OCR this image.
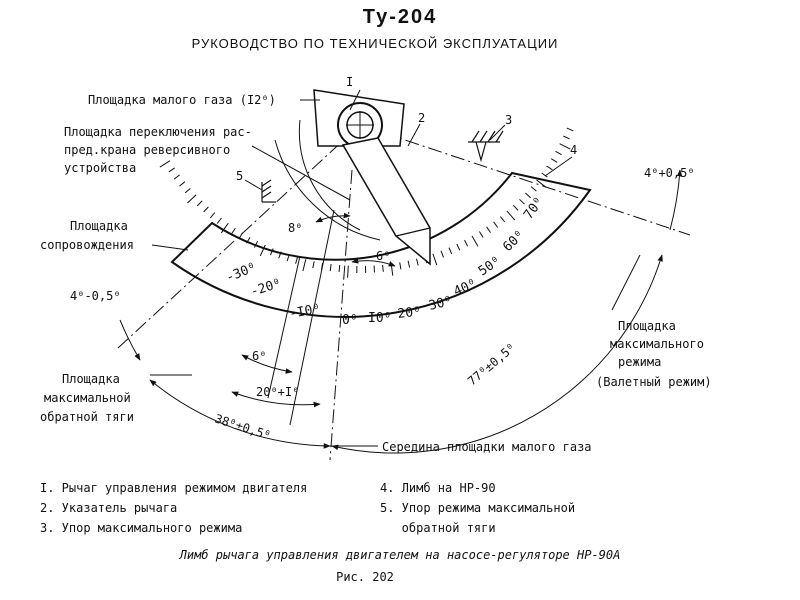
Ту-204
РУКОВОДСТВО ПО ТЕХНИЧЕСКОЙ ЭКСПЛУАТАЦИИ
I
2	3
4
5
Площадка малого газа (I2⁰)
Площадка переключения рас-
пред.крана реверсивного
устройства
Площадка
сопровождения
Площадка
максимальной
обратной тяги
Площадка
максимального
режима
(Валетный режим)
Середина площадки малого газа
4⁰+0,5⁰
4⁰-0,5⁰
8⁰
6⁰
6⁰
20⁰+I⁰
38⁰±0,5⁰
77⁰±0,5⁰
-30⁰
-20⁰
-I0⁰ 0⁰ I0⁰ 20⁰ 30⁰
40⁰
50⁰
60⁰
70⁰
I. Рычаг управления режимом двигателя
2. Указатель рычага
3. Упор максимального режима
4. Лимб на НР-90
5. Упор режима максимальной
обратной тяги
Лимб рычага управления двигателем на насосе-регуляторе НР-90А
Рис. 202
